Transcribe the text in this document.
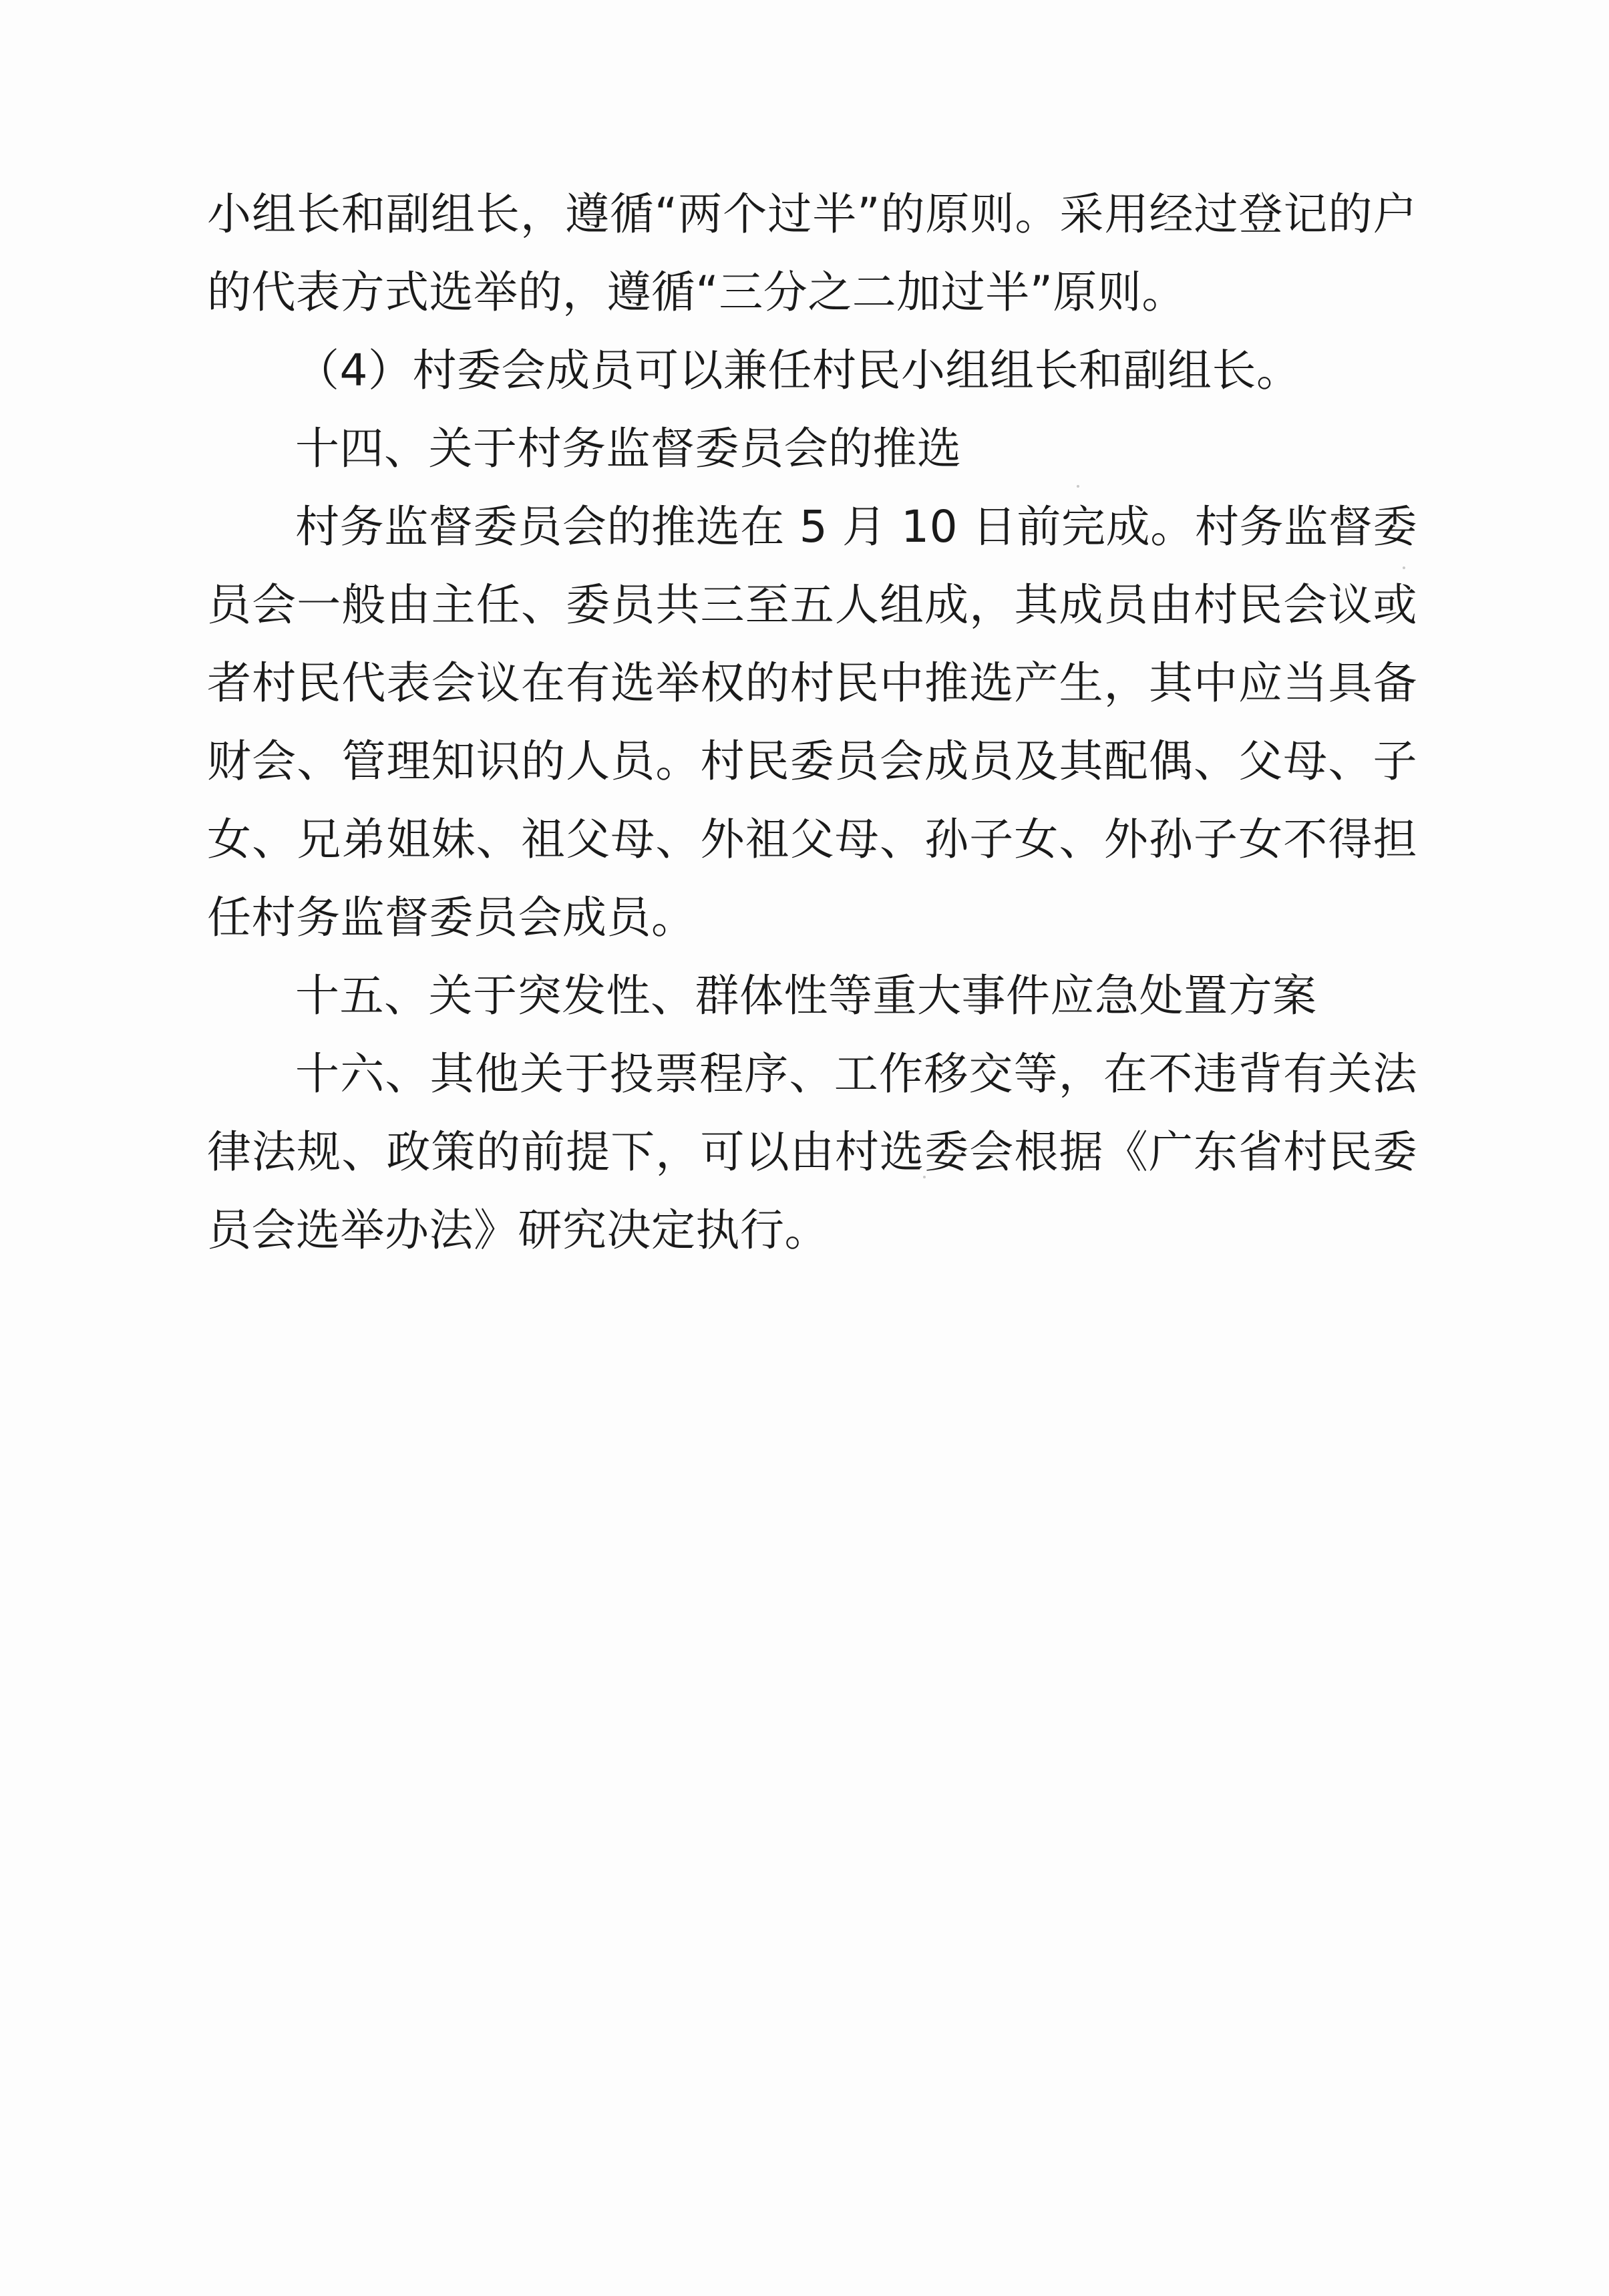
小组长和副组长，遵循“两个过半”的原则。采用经过登记的户的代表方式选举的，遵循“三分之二加过半”原则。

（4）村委会成员可以兼任村民小组组长和副组长。

十四、关于村务监督委员会的推选

村务监督委员会的推选在 5 月 10 日前完成。村务监督委员会一般由主任、委员共三至五人组成，其成员由村民会议或者村民代表会议在有选举权的村民中推选产生，其中应当具备财会、管理知识的人员。村民委员会成员及其配偶、父母、子女、兄弟姐妹、祖父母、外祖父母、孙子女、外孙子女不得担任村务监督委员会成员。

十五、关于突发性、群体性等重大事件应急处置方案

十六、其他关于投票程序、工作移交等，在不违背有关法律法规、政策的前提下，可以由村选委会根据《广东省村民委员会选举办法》研究决定执行。
